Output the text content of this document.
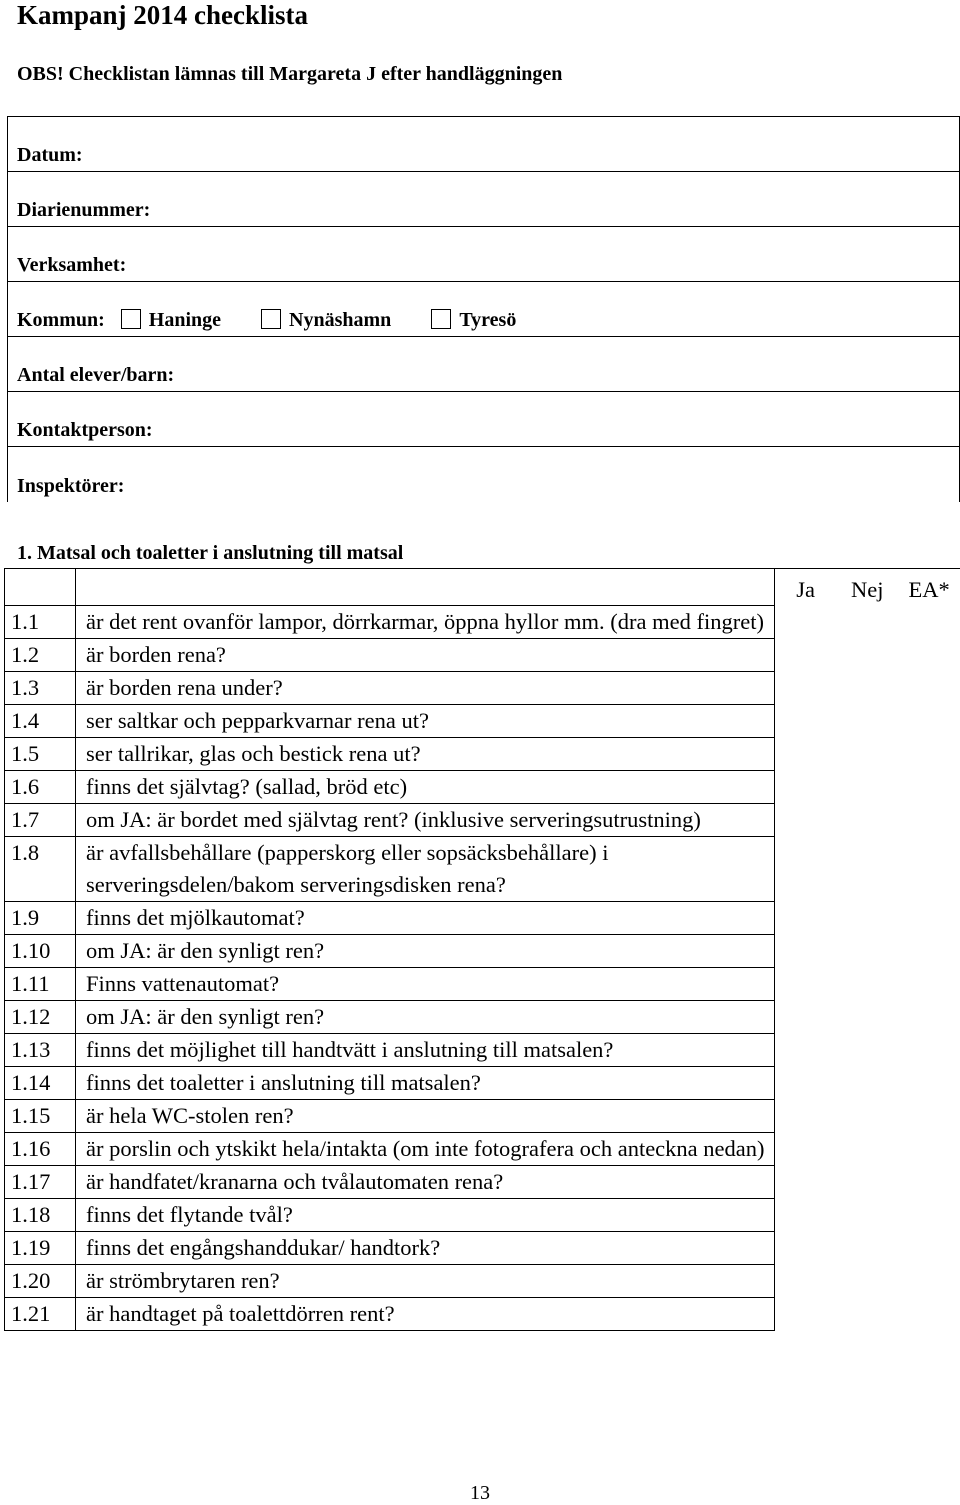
Kampanj 2014 checklista
OBS! Checklistan lämnas till Margareta J efter handläggningen
Datum:
Diarienummer:
Verksamhet:
Kommun: Haninge	Nynäshamn	Tyresö
Antal elever/barn:
Kontaktperson:
Inspektörer:
1. Matsal och toaletter i anslutning till matsal
		Ja	Nej	EA*
1.1	är det rent ovanför lampor, dörrkarmar, öppna hyllor mm. (dra med fingret)			
1.2	är borden rena?			
1.3	är borden rena under?			
1.4	ser saltkar och pepparkvarnar rena ut?			
1.5	ser tallrikar, glas och bestick rena ut?			
1.6	finns det självtag? (sallad, bröd etc)			
1.7	om JA: är bordet med självtag rent? (inklusive serveringsutrustning)			
1.8	är avfallsbehållare (papperskorg eller sopsäcksbehållare) i serveringsdelen/bakom serveringsdisken rena?			
1.9	finns det mjölkautomat?			
1.10	om JA: är den synligt ren?			
1.11	Finns vattenautomat?			
1.12	om JA: är den synligt ren?			
1.13	finns det möjlighet till handtvätt i anslutning till matsalen?			
1.14	finns det toaletter i anslutning till matsalen?			
1.15	är hela WC-stolen ren?			
1.16	är porslin och ytskikt hela/intakta (om inte fotografera och anteckna nedan)			
1.17	är handfatet/kranarna och tvålautomaten rena?			
1.18	finns det flytande tvål?			
1.19	finns det engångshanddukar/ handtork?			
1.20	är strömbrytaren ren?			
1.21	är handtaget på toalettdörren rent?			
13
